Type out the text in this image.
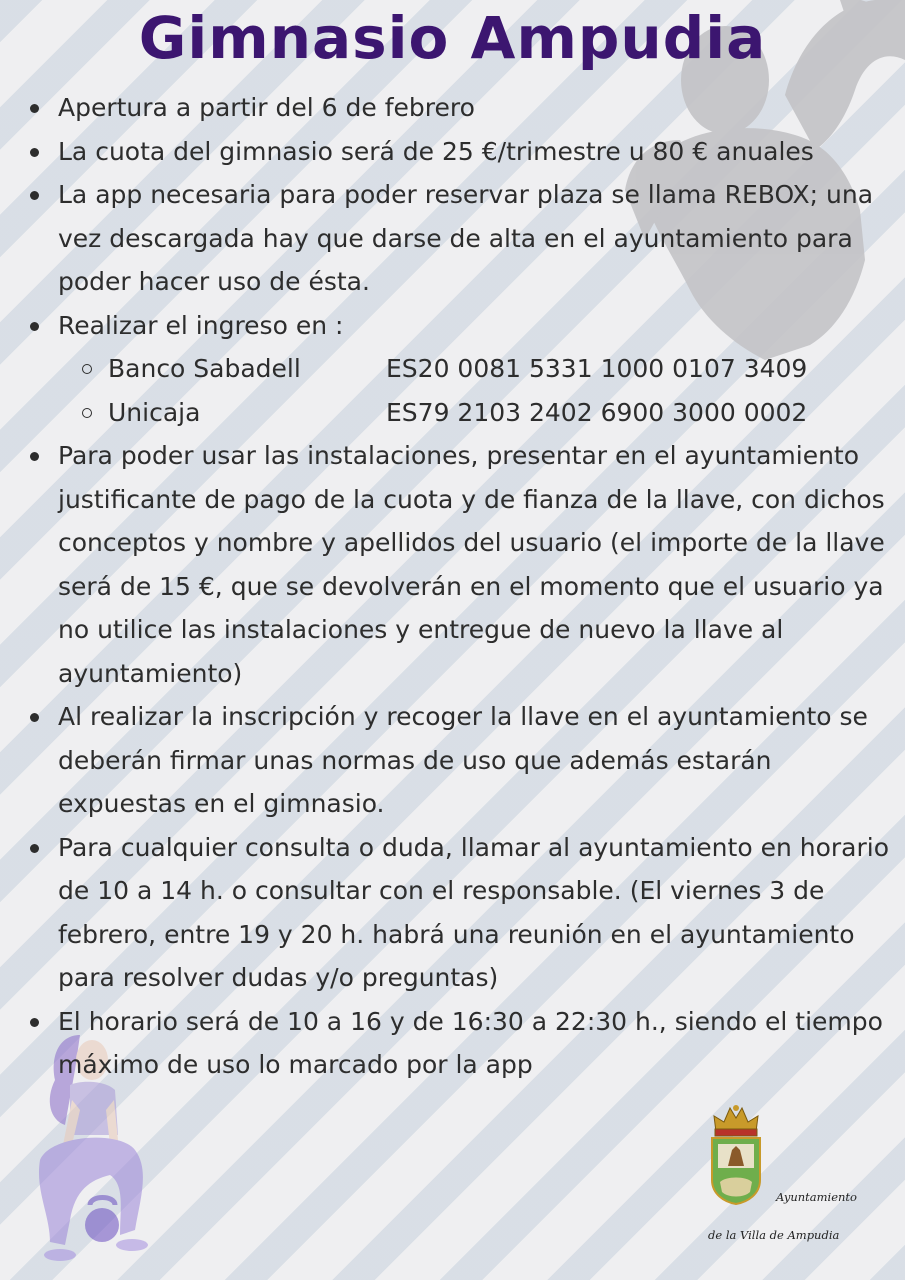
Gimnasio Ampudia
Apertura a partir del 6 de febrero
La cuota del gimnasio será de 25 €/trimestre u 80 € anuales
La app necesaria para poder reservar plaza se llama REBOX; una vez descargada hay que darse de alta en el ayuntamiento para poder hacer uso de ésta.
Realizar el ingreso en :
Banco Sabadell	ES20 0081 5331 1000 0107 3409
Unicaja	ES79 2103 2402 6900 3000 0002
Para poder usar las instalaciones, presentar en el ayuntamiento justificante de pago de la cuota y de fianza de la llave, con dichos conceptos y nombre y apellidos del usuario (el importe de la llave será de 15 €, que se devolverán en el momento que el usuario ya no utilice las instalaciones y entregue de nuevo la llave al ayuntamiento)
Al realizar la inscripción y recoger la llave en el ayuntamiento se deberán firmar unas normas de uso que además estarán expuestas en el gimnasio.
Para cualquier consulta o duda, llamar al ayuntamiento en horario de 10 a 14 h. o consultar con el responsable. (El viernes 3 de febrero, entre 19 y 20 h. habrá una reunión en el ayuntamiento para resolver dudas y/o preguntas)
El horario será de 10 a 16 y de 16:30 a 22:30 h., siendo el tiempo máximo de uso lo marcado por la app
Ayuntamiento
de la Villa de Ampudia
